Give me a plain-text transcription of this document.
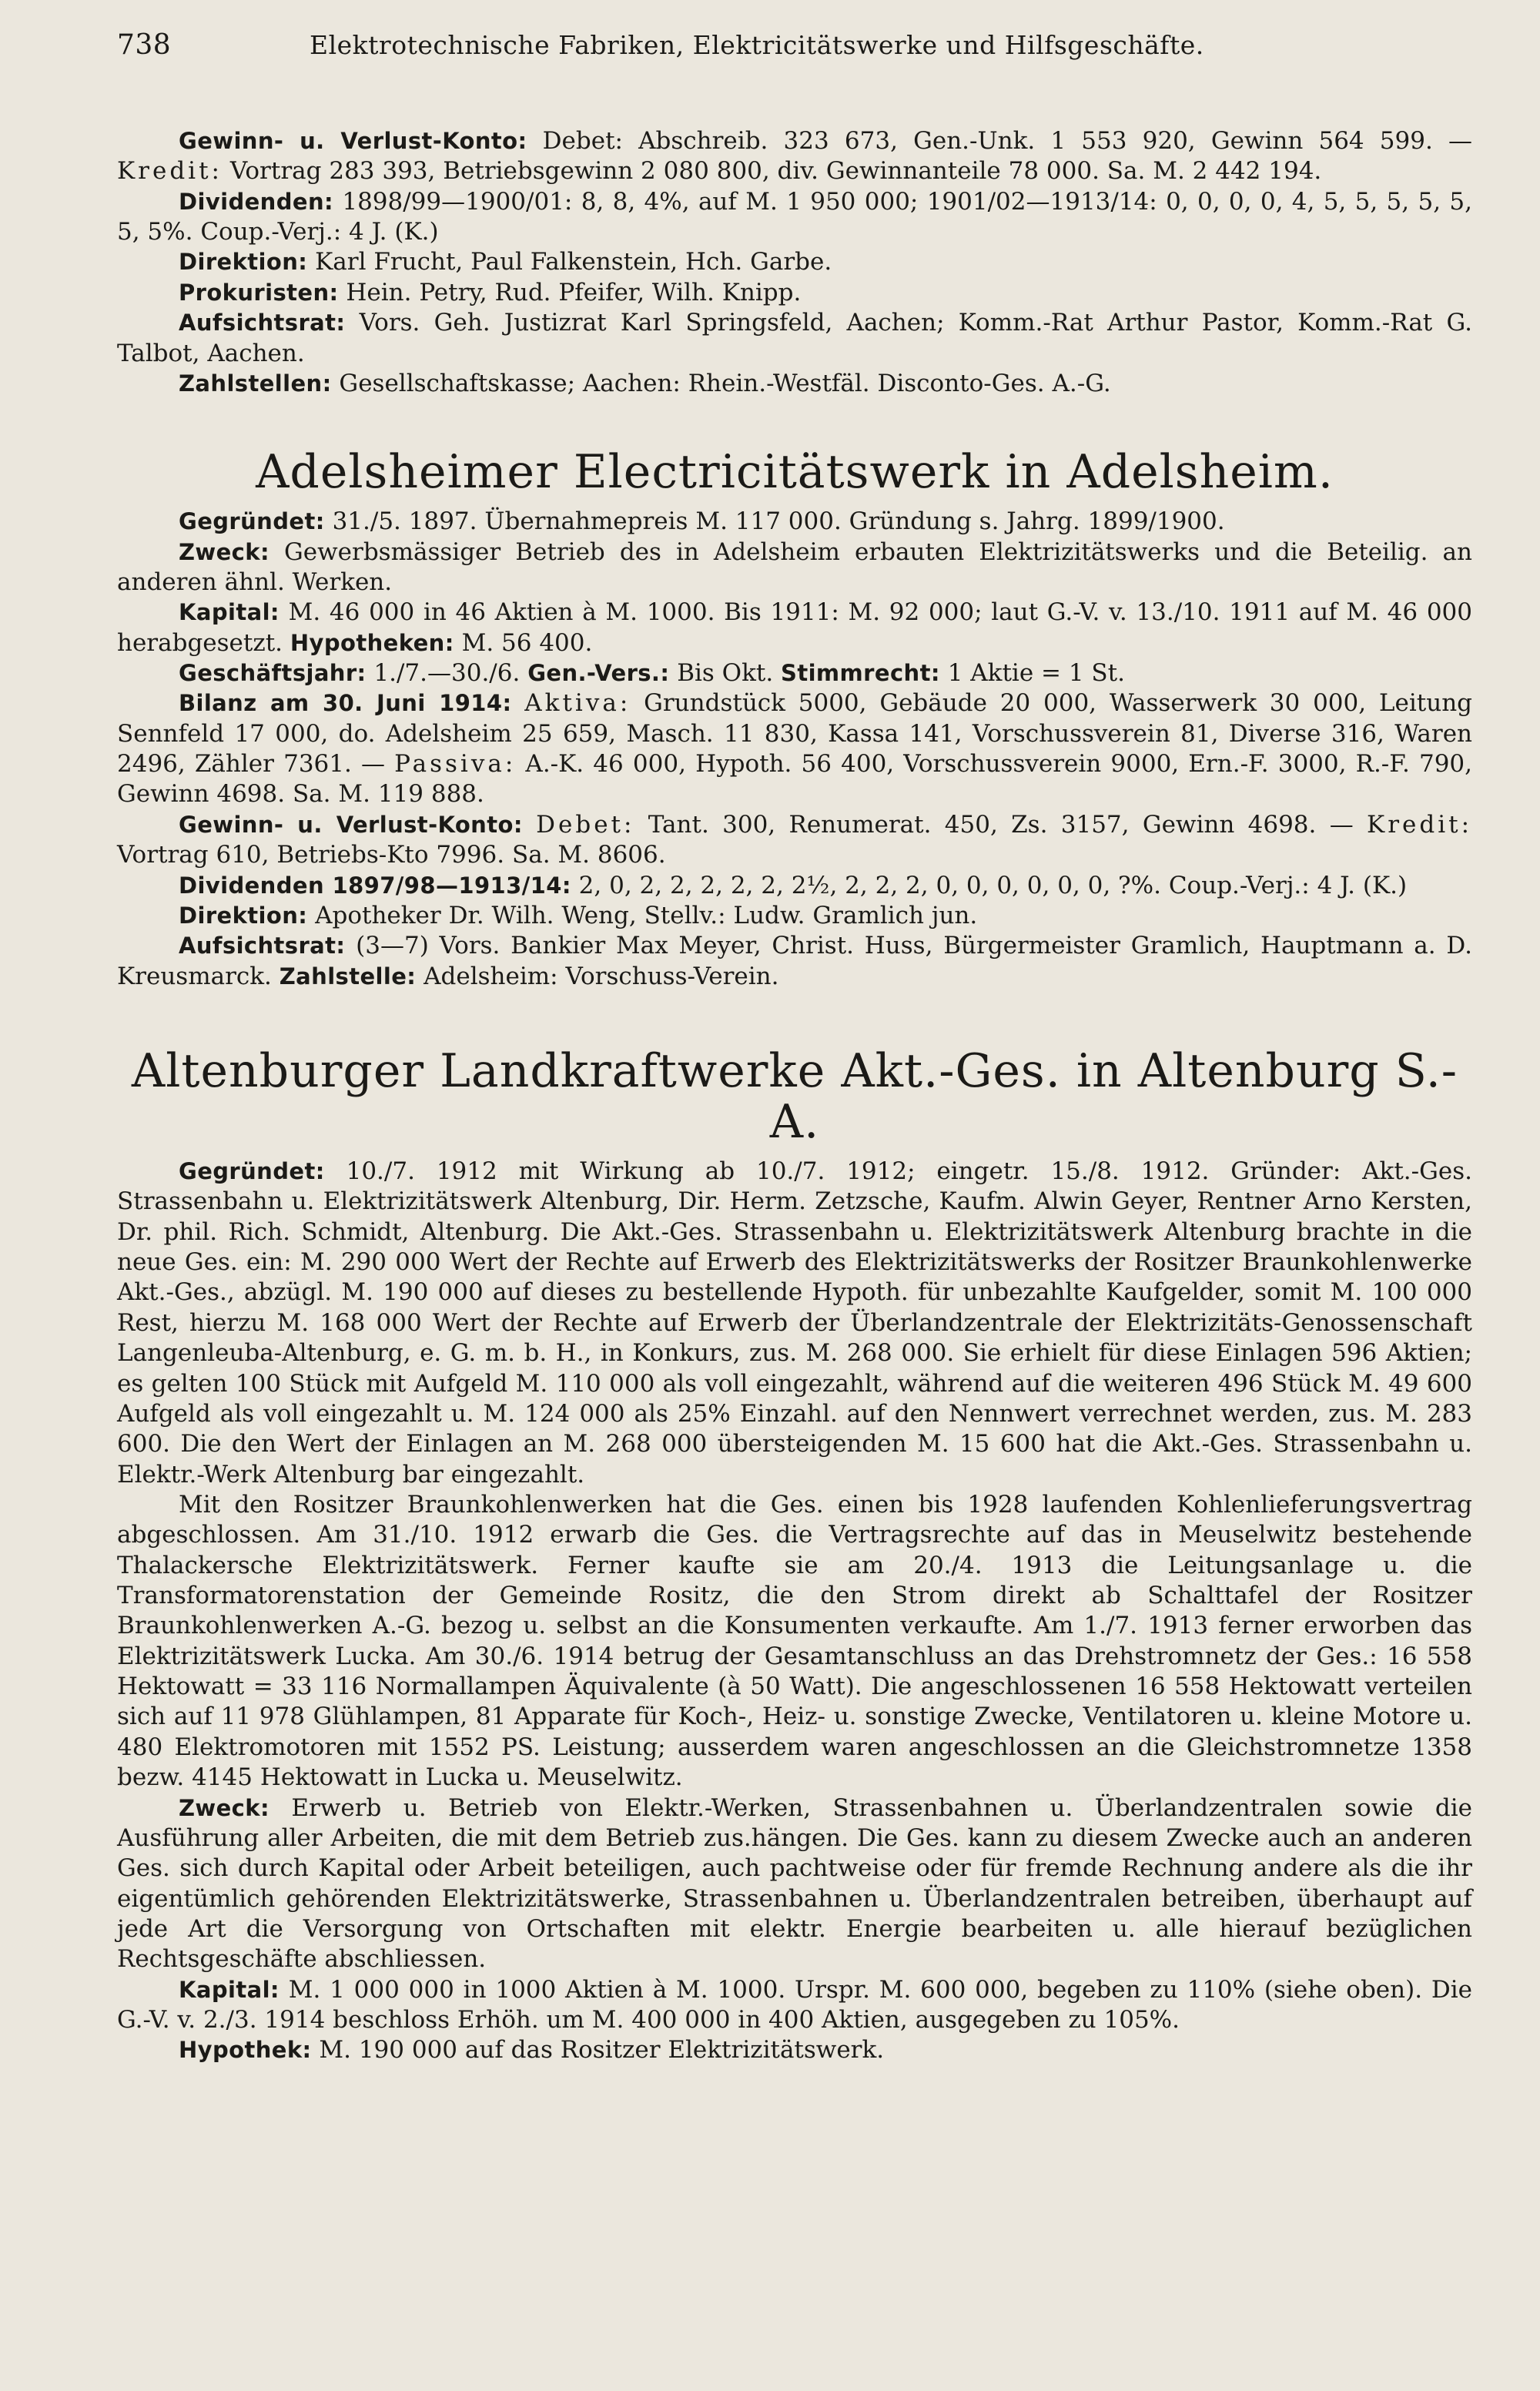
738	Elektrotechnische Fabriken, Elektricitätswerke und Hilfsgeschäfte.

Gewinn- u. Verlust-Konto: Debet: Abschreib. 323 673, Gen.-Unk. 1 553 920, Gewinn 564 599. — Kredit: Vortrag 283 393, Betriebsgewinn 2 080 800, div. Gewinnanteile 78 000. Sa. M. 2 442 194.

Dividenden: 1898/99—1900/01: 8, 8, 4%, auf M. 1 950 000; 1901/02—1913/14: 0, 0, 0, 0, 4, 5, 5, 5, 5, 5, 5, 5%. Coup.-Verj.: 4 J. (K.)

Direktion: Karl Frucht, Paul Falkenstein, Hch. Garbe.

Prokuristen: Hein. Petry, Rud. Pfeifer, Wilh. Knipp.

Aufsichtsrat: Vors. Geh. Justizrat Karl Springsfeld, Aachen; Komm.-Rat Arthur Pastor, Komm.-Rat G. Talbot, Aachen.

Zahlstellen: Gesellschaftskasse; Aachen: Rhein.-Westfäl. Disconto-Ges. A.-G.

Adelsheimer Electricitätswerk in Adelsheim.

Gegründet: 31./5. 1897. Übernahmepreis M. 117 000. Gründung s. Jahrg. 1899/1900.

Zweck: Gewerbsmässiger Betrieb des in Adelsheim erbauten Elektrizitätswerks und die Beteilig. an anderen ähnl. Werken.

Kapital: M. 46 000 in 46 Aktien à M. 1000. Bis 1911: M. 92 000; laut G.-V. v. 13./10. 1911 auf M. 46 000 herabgesetzt. Hypotheken: M. 56 400.

Geschäftsjahr: 1./7.—30./6. Gen.-Vers.: Bis Okt. Stimmrecht: 1 Aktie = 1 St.

Bilanz am 30. Juni 1914: Aktiva: Grundstück 5000, Gebäude 20 000, Wasserwerk 30 000, Leitung Sennfeld 17 000, do. Adelsheim 25 659, Masch. 11 830, Kassa 141, Vorschussverein 81, Diverse 316, Waren 2496, Zähler 7361. — Passiva: A.-K. 46 000, Hypoth. 56 400, Vorschussverein 9000, Ern.-F. 3000, R.-F. 790, Gewinn 4698. Sa. M. 119 888.

Gewinn- u. Verlust-Konto: Debet: Tant. 300, Renumerat. 450, Zs. 3157, Gewinn 4698. — Kredit: Vortrag 610, Betriebs-Kto 7996. Sa. M. 8606.

Dividenden 1897/98—1913/14: 2, 0, 2, 2, 2, 2, 2, 2½, 2, 2, 2, 0, 0, 0, 0, 0, 0, ?%. Coup.-Verj.: 4 J. (K.)

Direktion: Apotheker Dr. Wilh. Weng, Stellv.: Ludw. Gramlich jun.

Aufsichtsrat: (3—7) Vors. Bankier Max Meyer, Christ. Huss, Bürgermeister Gramlich, Hauptmann a. D. Kreusmarck. Zahlstelle: Adelsheim: Vorschuss-Verein.

Altenburger Landkraftwerke Akt.-Ges. in Altenburg S.-A.

Gegründet: 10./7. 1912 mit Wirkung ab 10./7. 1912; eingetr. 15./8. 1912. Gründer: Akt.-Ges. Strassenbahn u. Elektrizitätswerk Altenburg, Dir. Herm. Zetzsche, Kaufm. Alwin Geyer, Rentner Arno Kersten, Dr. phil. Rich. Schmidt, Altenburg. Die Akt.-Ges. Strassenbahn u. Elektrizitätswerk Altenburg brachte in die neue Ges. ein: M. 290 000 Wert der Rechte auf Erwerb des Elektrizitätswerks der Rositzer Braunkohlenwerke Akt.-Ges., abzügl. M. 190 000 auf dieses zu bestellende Hypoth. für unbezahlte Kaufgelder, somit M. 100 000 Rest, hierzu M. 168 000 Wert der Rechte auf Erwerb der Überlandzentrale der Elektrizitäts-Genossenschaft Langenleuba-Altenburg, e. G. m. b. H., in Konkurs, zus. M. 268 000. Sie erhielt für diese Einlagen 596 Aktien; es gelten 100 Stück mit Aufgeld M. 110 000 als voll eingezahlt, während auf die weiteren 496 Stück M. 49 600 Aufgeld als voll eingezahlt u. M. 124 000 als 25% Einzahl. auf den Nennwert verrechnet werden, zus. M. 283 600. Die den Wert der Einlagen an M. 268 000 übersteigenden M. 15 600 hat die Akt.-Ges. Strassenbahn u. Elektr.-Werk Altenburg bar eingezahlt.

Mit den Rositzer Braunkohlenwerken hat die Ges. einen bis 1928 laufenden Kohlenlieferungsvertrag abgeschlossen. Am 31./10. 1912 erwarb die Ges. die Vertragsrechte auf das in Meuselwitz bestehende Thalackersche Elektrizitätswerk. Ferner kaufte sie am 20./4. 1913 die Leitungsanlage u. die Transformatorenstation der Gemeinde Rositz, die den Strom direkt ab Schalttafel der Rositzer Braunkohlenwerken A.-G. bezog u. selbst an die Konsumenten verkaufte. Am 1./7. 1913 ferner erworben das Elektrizitätswerk Lucka. Am 30./6. 1914 betrug der Gesamtanschluss an das Drehstromnetz der Ges.: 16 558 Hektowatt = 33 116 Normallampen Äquivalente (à 50 Watt). Die angeschlossenen 16 558 Hektowatt verteilen sich auf 11 978 Glühlampen, 81 Apparate für Koch-, Heiz- u. sonstige Zwecke, Ventilatoren u. kleine Motore u. 480 Elektromotoren mit 1552 PS. Leistung; ausserdem waren angeschlossen an die Gleichstromnetze 1358 bezw. 4145 Hektowatt in Lucka u. Meuselwitz.

Zweck: Erwerb u. Betrieb von Elektr.-Werken, Strassenbahnen u. Überlandzentralen sowie die Ausführung aller Arbeiten, die mit dem Betrieb zus.hängen. Die Ges. kann zu diesem Zwecke auch an anderen Ges. sich durch Kapital oder Arbeit beteiligen, auch pachtweise oder für fremde Rechnung andere als die ihr eigentümlich gehörenden Elektrizitätswerke, Strassenbahnen u. Überlandzentralen betreiben, überhaupt auf jede Art die Versorgung von Ortschaften mit elektr. Energie bearbeiten u. alle hierauf bezüglichen Rechtsgeschäfte abschliessen.

Kapital: M. 1 000 000 in 1000 Aktien à M. 1000. Urspr. M. 600 000, begeben zu 110% (siehe oben). Die G.-V. v. 2./3. 1914 beschloss Erhöh. um M. 400 000 in 400 Aktien, ausgegeben zu 105%.

Hypothek: M. 190 000 auf das Rositzer Elektrizitätswerk.
